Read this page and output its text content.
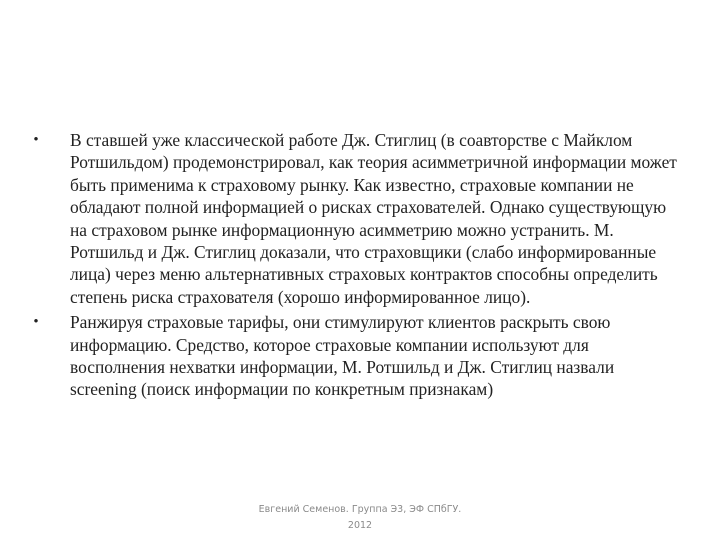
• В ставшей уже классической работе Дж. Стиглиц (в соавторстве с Майклом Ротшильдом) продемонстрировал, как теория асимметричной информации может быть применима к страховому рынку. Как известно, страховые компании не обладают полной информацией о рисках страхователей. Однако существующую на страховом рынке информационную асимметрию можно устранить. М. Ротшильд и Дж. Стиглиц доказали, что страховщики (слабо информированные лица) через меню альтернативных страховых контрактов способны определить степень риска страхователя (хорошо информированное лицо).
• Ранжируя страховые тарифы, они стимулируют клиентов раскрыть свою информацию. Средство, которое страховые компании используют для восполнения нехватки информации, М. Ротшильд и Дж. Стиглиц назвали screening (поиск информации по конкретным признакам)
Евгений Семенов. Группа Э3, ЭФ СПбГУ.
2012
